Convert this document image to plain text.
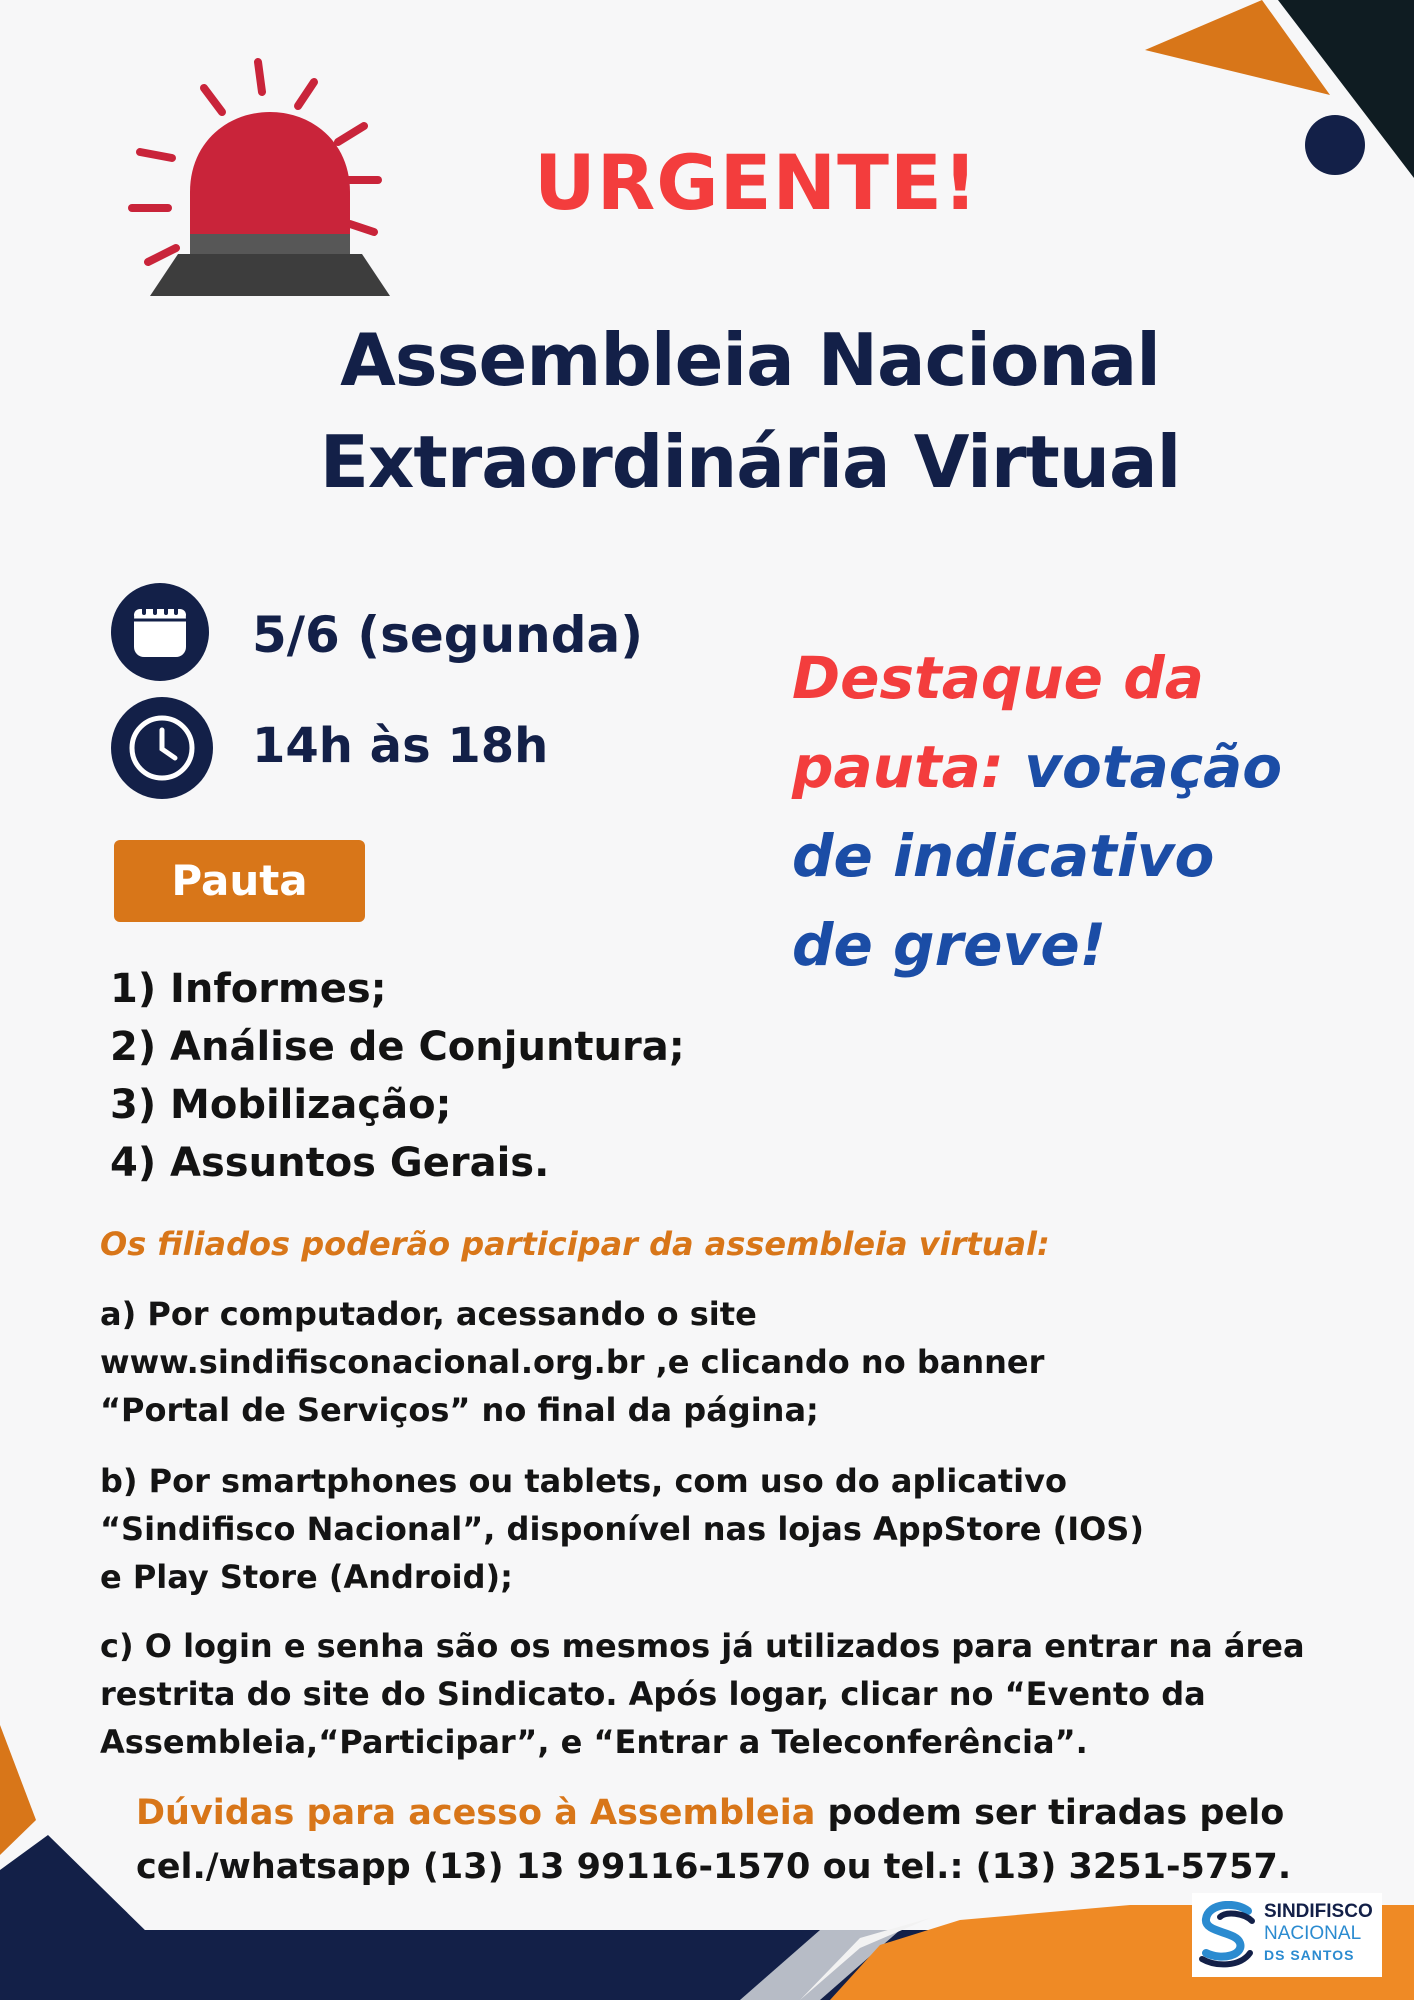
URGENTE!
Assembleia Nacional
Extraordinária Virtual
5/6 (segunda)
14h às 18h
Pauta
1) Informes;
2) Análise de Conjuntura;
3) Mobilização;
4) Assuntos Gerais.
Destaque da
pauta: votação
de indicativo
de greve!
Os filiados poderão participar da assembleia virtual:
a) Por computador, acessando o site
www.sindifisconacional.org.br ,e clicando no banner
“Portal de Serviços” no final da página;
b) Por smartphones ou tablets, com uso do aplicativo
“Sindifisco Nacional”, disponível nas lojas AppStore (IOS)
e Play Store (Android);
c) O login e senha são os mesmos já utilizados para entrar na área
restrita do site do Sindicato. Após logar, clicar no “Evento da
Assembleia,“Participar”, e “Entrar a Teleconferência”.
Dúvidas para acesso à Assembleia podem ser tiradas pelo
cel./whatsapp (13) 13 99116-1570 ou tel.: (13) 3251-5757.
SINDIFISCO
NACIONAL
DS SANTOS
